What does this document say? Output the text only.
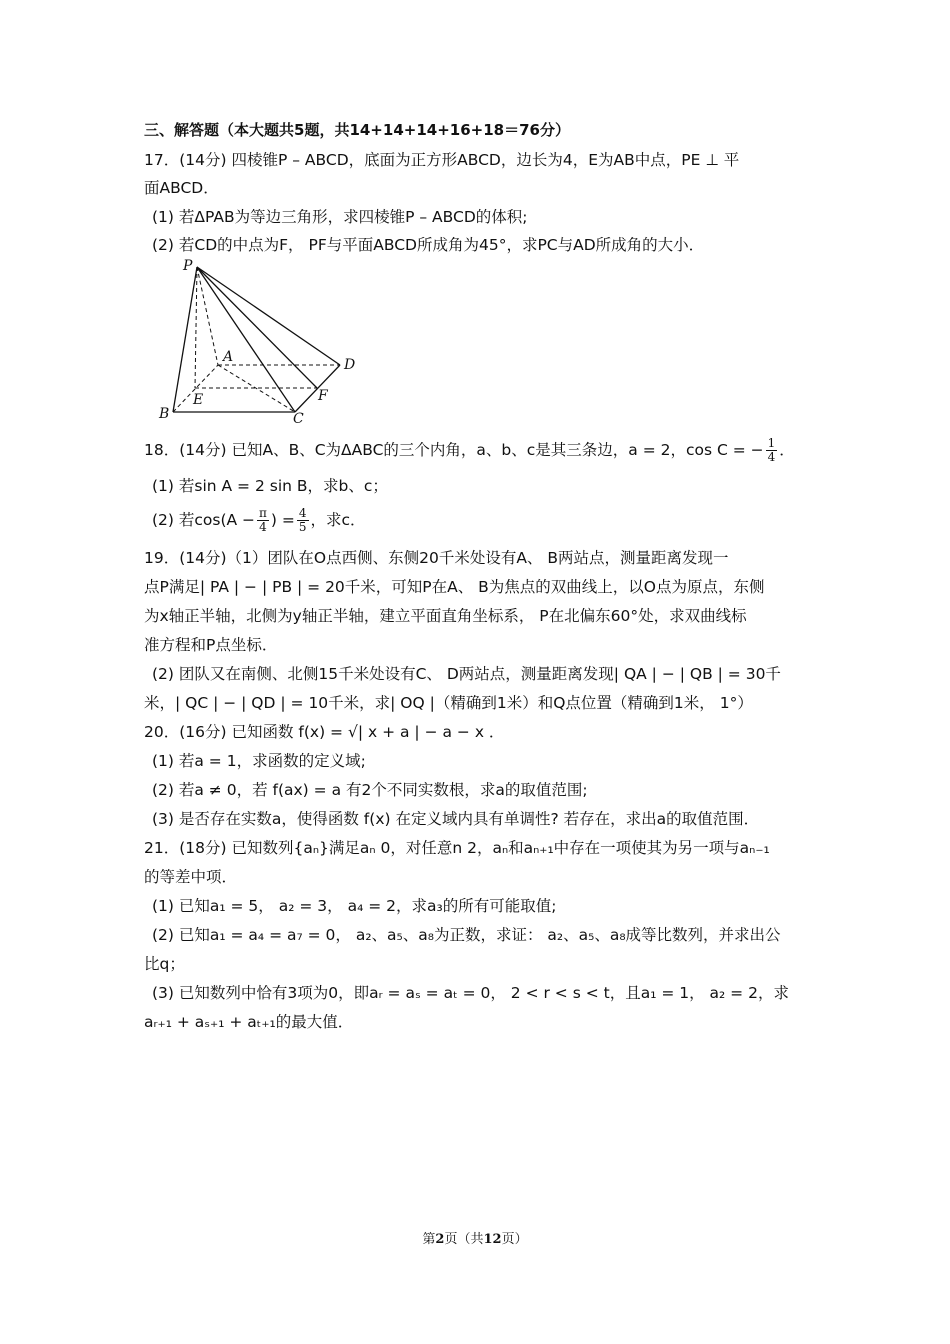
三、解答题（本大题共5题，共14+14+14+16+18＝76分）
17．(14分) 四棱锥P – ABCD，底面为正方形ABCD，边长为4，E为AB中点，PE ⊥ 平
面ABCD．
(1) 若ΔPAB为等边三角形，求四棱锥P – ABCD的体积;
(2) 若CD的中点为F， PF与平面ABCD所成角为45°，求PC与AD所成角的大小．
P
A	D
E	F
B	C
18．(14分) 已知A、B、C为ΔABC的三个内角，a、b、c是其三条边，a = 2，cos C = − $\frac{1}{4}$ ．
(1) 若sin A = 2 sin B，求b、c；
(2) 若$\cos(A - \frac{\pi}{4}$ ) = $\frac{4}{5}$ ，求c．
19．(14分)（1）团队在O点西侧、东侧20千米处设有A、 B两站点，测量距离发现一
点P满足| PA | − | PB | = 20千米，可知P在A、 B为焦点的双曲线上，以O点为原点，东侧
为x轴正半轴，北侧为y轴正半轴，建立平面直角坐标系， P在北偏东60°处，求双曲线标
准方程和P点坐标．
(2) 团队又在南侧、北侧15千米处设有C、 D两站点，测量距离发现| QA | − | QB | = 30千
米，| QC | − | QD | = 10千米，求| OQ |（精确到1米）和Q点位置（精确到1米， 1°）
20．(16分) 已知函数 f(x) = √| x + a | − a − x ．
(1) 若a = 1，求函数的定义域;
(2) 若a ≠ 0，若 f(ax) = a 有2个不同实数根，求a的取值范围;
(3) 是否存在实数a，使得函数 f(x) 在定义域内具有单调性? 若存在，求出a的取值范围．
21．(18分) 已知数列{aₙ}满足aₙ 0，对任意n 2，aₙ和aₙ₊₁中存在一项使其为另一项与aₙ₋₁
的等差中项．
(1) 已知a₁ = 5， a₂ = 3， a₄ = 2，求a₃的所有可能取值;
(2) 已知a₁ = a₄ = a₇ = 0， a₂、a₅、a₈为正数，求证： a₂、a₅、a₈成等比数列，并求出公
比q；
(3) 已知数列中恰有3项为0，即aᵣ = aₛ = aₜ = 0， 2 < r < s < t，且a₁ = 1， a₂ = 2，求
aᵣ₊₁ + aₛ₊₁ + aₜ₊₁的最大值．
第2页（共12页）
